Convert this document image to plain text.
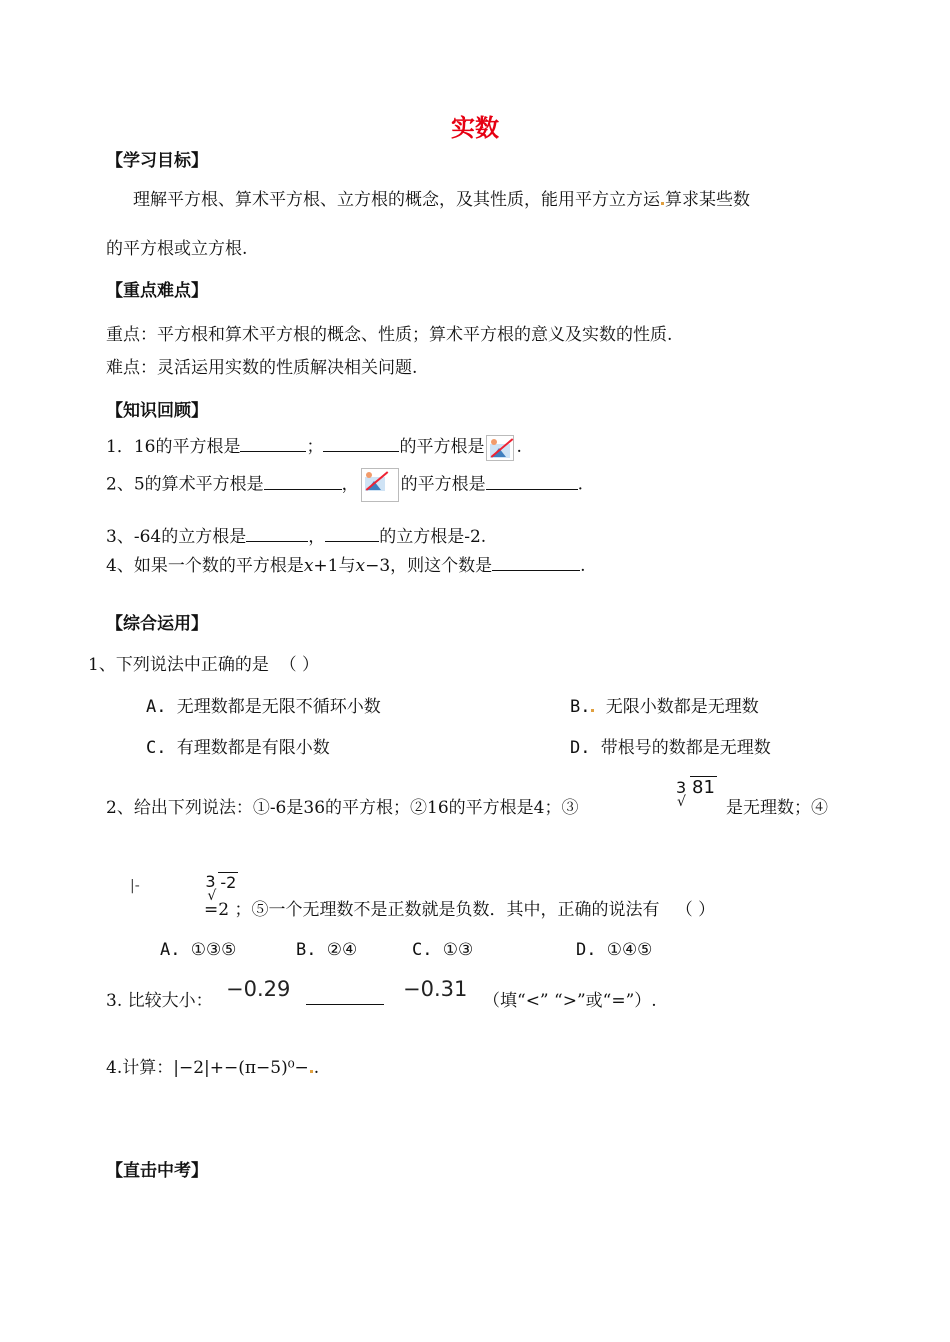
实数
【学习目标】
理解平方根、算术平方根、立方根的概念，及其性质，能用平方立方运 算求某些数
的平方根或立方根.
【重点难点】
重点：平方根和算术平方根的概念、性质；算术平方根的意义及实数的性质.
难点：灵活运用实数的性质解决相关问题.
【知识回顾】
1．16的平方根是	；	的平方根是 .
2、5的算术平方根是	， 的平方根是	.
3、-64的立方根是	，	的立方根是-2.
4、如果一个数的平方根是x+1与x−3，则这个数是	.
【综合运用】
1、下列说法中正确的是 （ ）
A. 无理数都是无限不循环小数	B. 无限小数都是无理数
C. 有理数都是有限小数	D. 带根号的数都是无理数
2、给出下列说法：①-6是36的平方根；②16的平方根是4；③
3
√
81

是无理数；④
|-	3
√
-2
=2 ；⑤一个无理数不是正数就是负数．其中，正确的说法有 （ ）
A. ①③⑤	B. ②④	C. ①③	D. ①④⑤
3. 比较大小： −0.29	−0.31 （填“<” “>”或“=”）.
4.计算：|−2|+−(π−5)⁰− .
【直击中考】
